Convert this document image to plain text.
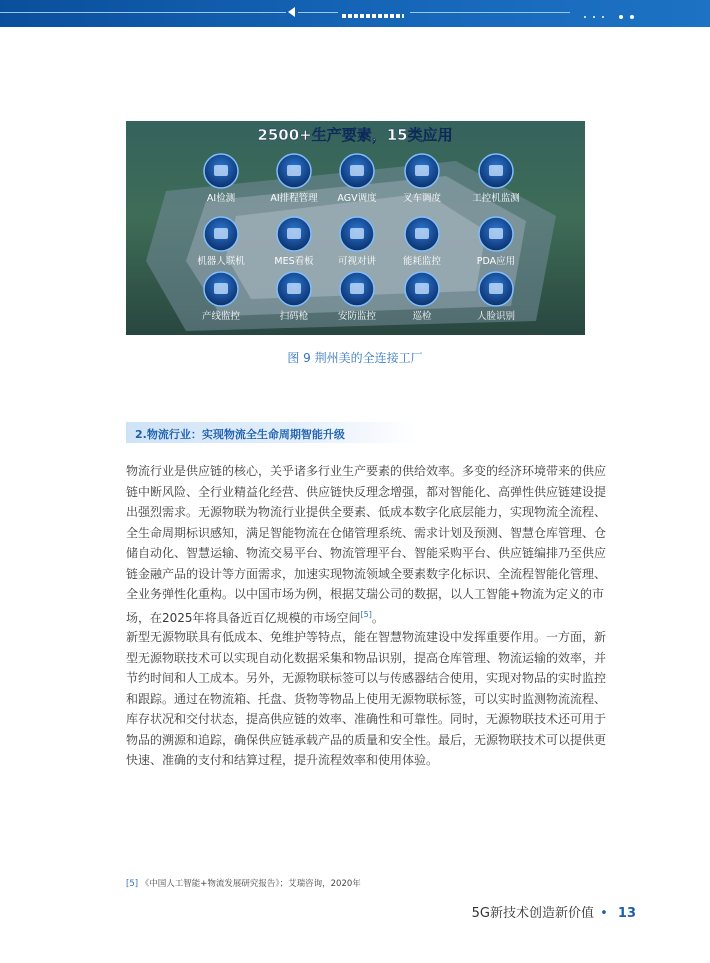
AI检测	AI排程管理 AGV调度	叉车调度	工控机监测
机器人联机	MES看板	可视对讲	能耗监控	PDA应用
产线监控	扫码枪	安防监控	巡检	人脸识别
2500+生产要素，15类应用
图 9 荆州美的全连接工厂
2.物流行业：实现物流全生命周期智能升级
物流行业是供应链的核心，关乎诸多行业生产要素的供给效率。多变的经济环境带来的供应
链中断风险、全行业精益化经营、供应链快反理念增强，都对智能化、高弹性供应链建设提
出强烈需求。无源物联为物流行业提供全要素、低成本数字化底层能力，实现物流全流程、
全生命周期标识感知，满足智能物流在仓储管理系统、需求计划及预测、智慧仓库管理、仓
储自动化、智慧运输、物流交易平台、物流管理平台、智能采购平台、供应链编排乃至供应
链金融产品的设计等方面需求，加速实现物流领域全要素数字化标识、全流程智能化管理、
全业务弹性化重构。以中国市场为例，根据艾瑞公司的数据，以人工智能+物流为定义的市
场，在2025年将具备近百亿规模的市场空间[5]。
新型无源物联具有低成本、免维护等特点，能在智慧物流建设中发挥重要作用。一方面，新
型无源物联技术可以实现自动化数据采集和物品识别，提高仓库管理、物流运输的效率，并
节约时间和人工成本。另外，无源物联标签可以与传感器结合使用，实现对物品的实时监控
和跟踪。通过在物流箱、托盘、货物等物品上使用无源物联标签，可以实时监测物流流程、
库存状况和交付状态，提高供应链的效率、准确性和可靠性。同时，无源物联技术还可用于
物品的溯源和追踪，确保供应链承载产品的质量和安全性。最后，无源物联技术可以提供更
快速、准确的支付和结算过程，提升流程效率和使用体验。
[5] 《中国人工智能+物流发展研究报告》；艾瑞咨询，2020年
5G新技术创造新价值 • 13
